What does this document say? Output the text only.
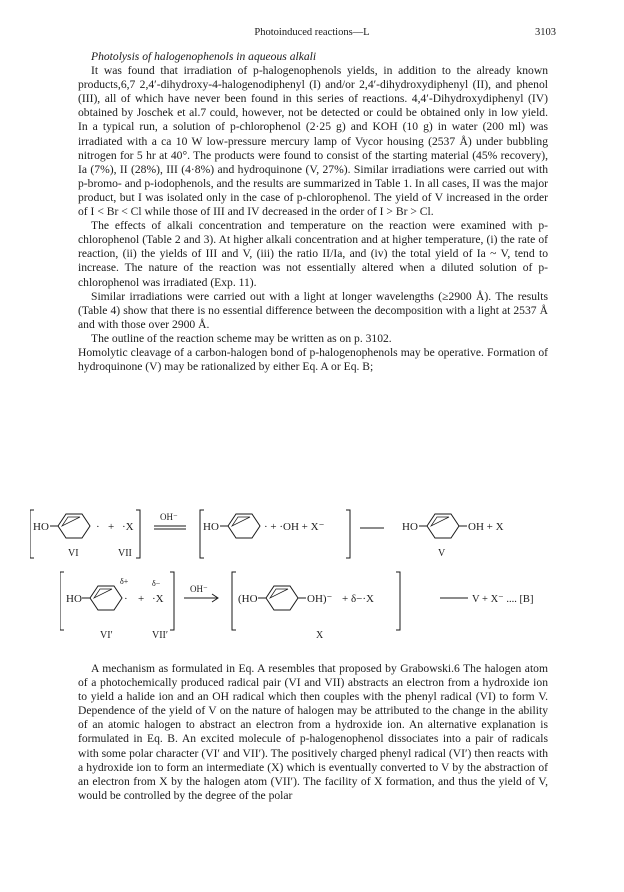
Photoinduced reactions—L	3103

Photolysis of halogenophenols in aqueous alkali

It was found that irradiation of p-halogenophenols yields, in addition to the already known products,6,7 2,4′-dihydroxy-4-halogenodiphenyl (I) and/or 2,4′-dihydroxydiphenyl (II), and phenol (III), all of which have never been found in this series of reactions. 4,4′-Dihydroxydiphenyl (IV) obtained by Joschek et al.7 could, however, not be detected or could be obtained only in low yield. In a typical run, a solution of p-chlorophenol (2·25 g) and KOH (10 g) in water (200 ml) was irradiated with a ca 10 W low-pressure mercury lamp of Vycor housing (2537 Å) under bubbling nitrogen for 5 hr at 40°. The products were found to consist of the starting material (45% recovery), Ia (7%), II (28%), III (4·8%) and hydroquinone (V, 27%). Similar irradiations were carried out with p-bromo- and p-iodophenols, and the results are summarized in Table 1. In all cases, II was the major product, but I was isolated only in the case of p-chlorophenol. The yield of V increased in the order of I < Br < Cl while those of III and IV decreased in the order of I > Br > Cl.

The effects of alkali concentration and temperature on the reaction were examined with p-chlorophenol (Table 2 and 3). At higher alkali concentration and at higher temperature, (i) the rate of reaction, (ii) the yields of III and V, (iii) the ratio II/Ia, and (iv) the total yield of Ia ~ V, tend to increase. The nature of the reaction was not essentially altered when a diluted solution of p-chlorophenol was irradiated (Exp. 11).

Similar irradiations were carried out with a light at longer wavelengths (≥2900 Å). The results (Table 4) show that there is no essential difference between the decomposition with a light at 2537 Å and with those over 2900 Å.

The outline of the reaction scheme may be written as on p. 3102.

Homolytic cleavage of a carbon-halogen bond of p-halogenophenols may be operative. Formation of hydroquinone (V) may be rationalized by either Eq. A or Eq. B;

HO	· + ·X
VI	VII
OH⁻
HO	· + ·OH + X⁻	HO	OH + X
V
HO
δ+
· +
δ−
·X
VI′	VII′
OH⁻
(HO	OH)⁻ + δ−·X
X
V + X⁻ .... [B]

A mechanism as formulated in Eq. A resembles that proposed by Grabowski.6 The halogen atom of a photochemically produced radical pair (VI and VII) abstracts an electron from a hydroxide ion to yield a halide ion and an OH radical which then couples with the phenyl radical (VI) to form V. Dependence of the yield of V on the nature of halogen may be attributed to the change in the ability of an atomic halogen to abstract an electron from a hydroxide ion. An alternative explanation is formulated in Eq. B. An excited molecule of p-halogenophenol dissociates into a pair of radicals with some polar character (VI′ and VII′). The positively charged phenyl radical (VI′) then reacts with a hydroxide ion to form an intermediate (X) which is eventually converted to V by the abstraction of an electron from X by the halogen atom (VII′). The facility of X formation, and thus the yield of V, would be controlled by the degree of the polar
